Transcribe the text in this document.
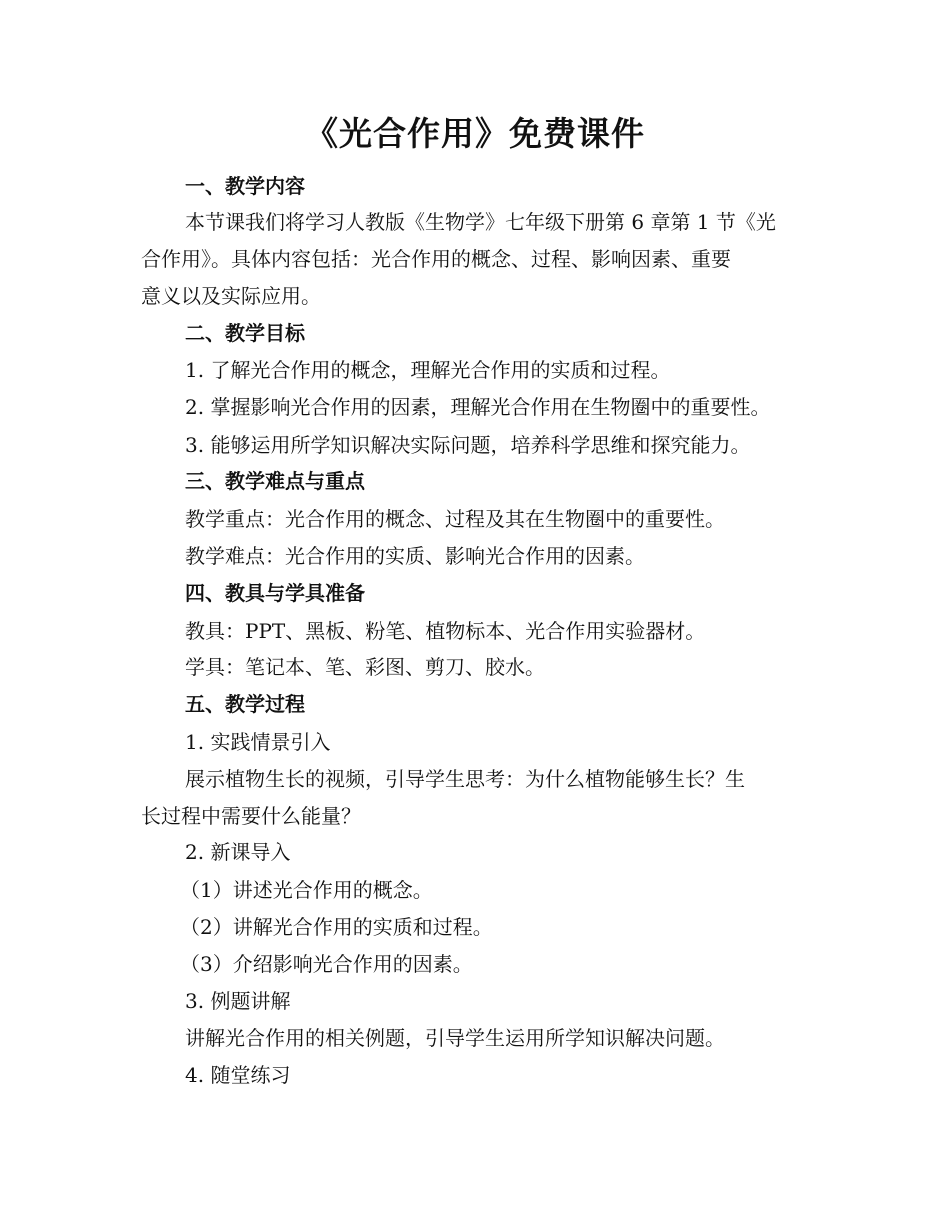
《光合作用》免费课件
一、教学内容
本节课我们将学习人教版《生物学》七年级下册第 6 章第 1 节《光
合作用》。具体内容包括：光合作用的概念、过程、影响因素、重要
意义以及实际应用。
二、教学目标
1. 了解光合作用的概念，理解光合作用的实质和过程。
2. 掌握影响光合作用的因素，理解光合作用在生物圈中的重要性。
3. 能够运用所学知识解决实际问题，培养科学思维和探究能力。
三、教学难点与重点
教学重点：光合作用的概念、过程及其在生物圈中的重要性。
教学难点：光合作用的实质、影响光合作用的因素。
四、教具与学具准备
教具：PPT、黑板、粉笔、植物标本、光合作用实验器材。
学具：笔记本、笔、彩图、剪刀、胶水。
五、教学过程
1. 实践情景引入
展示植物生长的视频，引导学生思考：为什么植物能够生长？生
长过程中需要什么能量？
2. 新课导入
（1）讲述光合作用的概念。
（2）讲解光合作用的实质和过程。
（3）介绍影响光合作用的因素。
3. 例题讲解
讲解光合作用的相关例题，引导学生运用所学知识解决问题。
4. 随堂练习
